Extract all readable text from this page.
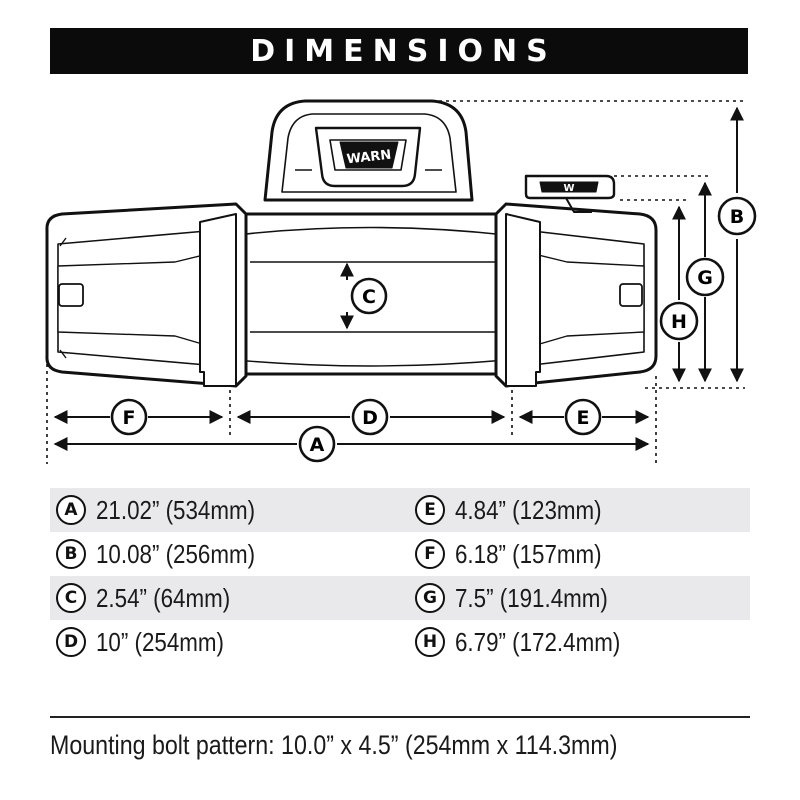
DIMENSIONS
WARN
W
F	D	E
A
C
B
G
H
A 21.02” (534mm)	E 4.84” (123mm)
B 10.08” (256mm)	F 6.18” (157mm)
C 2.54” (64mm)	G 7.5” (191.4mm)
D 10” (254mm)	H 6.79” (172.4mm)
Mounting bolt pattern: 10.0” x 4.5” (254mm x 114.3mm)
